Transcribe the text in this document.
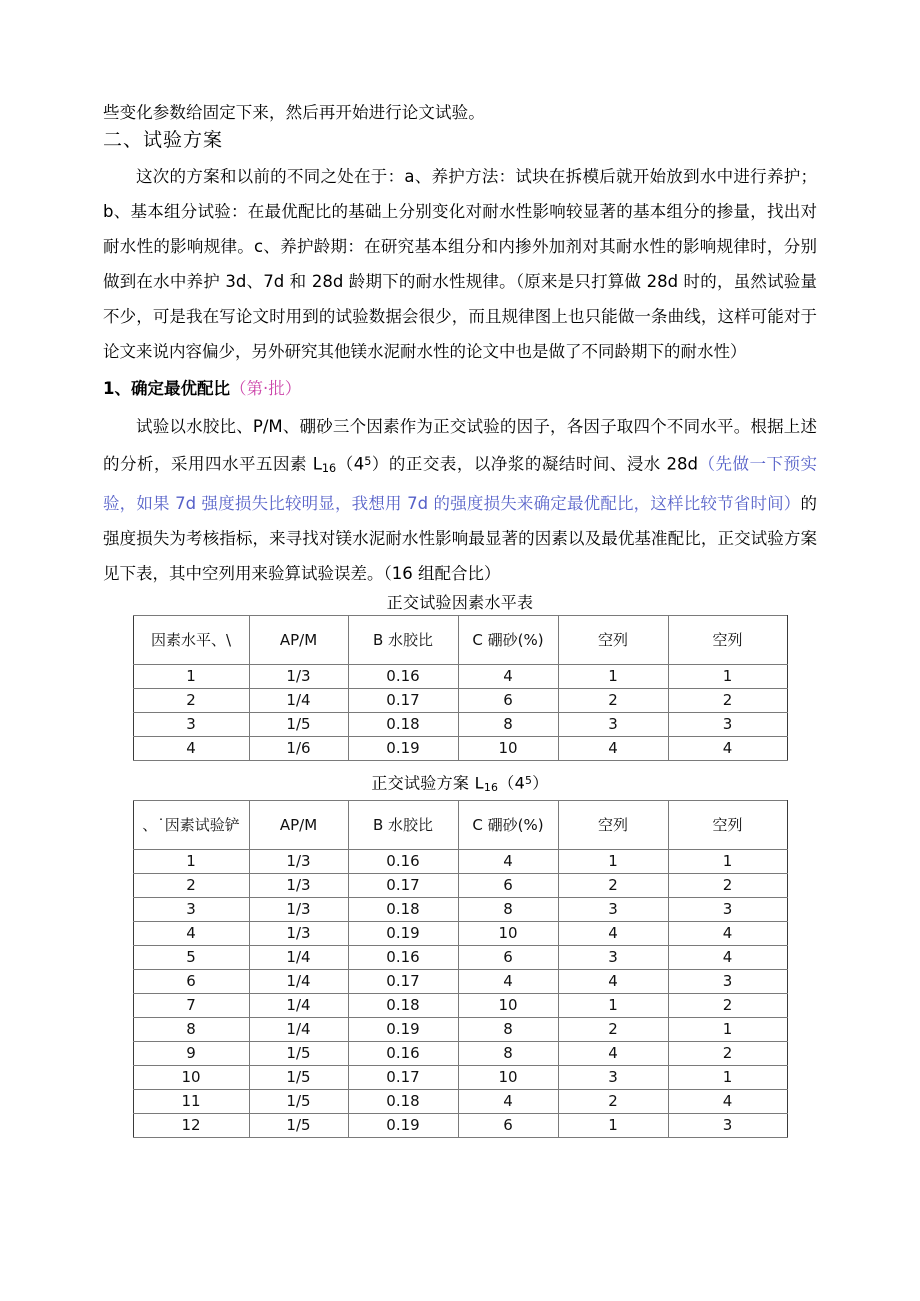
些变化参数给固定下来，然后再开始进行论文试验。
二、试验方案

这次的方案和以前的不同之处在于：a、养护方法：试块在拆模后就开始放到水中进行养护；b、基本组分试验：在最优配比的基础上分别变化对耐水性影响较显著的基本组分的掺量，找出对耐水性的影响规律。c、养护龄期：在研究基本组分和内掺外加剂对其耐水性的影响规律时，分别做到在水中养护 3d、7d 和 28d 龄期下的耐水性规律。（原来是只打算做 28d 时的，虽然试验量不少，可是我在写论文时用到的试验数据会很少，而且规律图上也只能做一条曲线，这样可能对于论文来说内容偏少，另外研究其他镁水泥耐水性的论文中也是做了不同龄期下的耐水性）

1、确定最优配比（第·批）

试验以水胶比、P/M、硼砂三个因素作为正交试验的因子，各因子取四个不同水平。根据上述的分析，采用四水平五因素 $L_{16}(4^5)$的正交表，以净浆的凝结时间、浸水 28d（先做一下预实验，如果 7d 强度损失比较明显，我想用 7d 的强度损失来确定最优配比，这样比较节省时间）的强度损失为考核指标，来寻找对镁水泥耐水性影响最显著的因素以及最优基准配比，正交试验方案见下表，其中空列用来验算试验误差。（16 组配合比）

正交试验因素水平表
因素水平、\	AP/M	B 水胶比	C 硼砂(%)	空列	空列
1	1/3	0.16	4	1	1
2	1/4	0.17	6	2	2
3	1/5	0.18	8	3	3
4	1/6	0.19	10	4	4
正交试验方案 $L_{16}(4^5)$
、˙因素试验铲	AP/M	B 水胶比	C 硼砂(%)	空列	空列
1	1/3	0.16	4	1	1
2	1/3	0.17	6	2	2
3	1/3	0.18	8	3	3
4	1/3	0.19	10	4	4
5	1/4	0.16	6	3	4
6	1/4	0.17	4	4	3
7	1/4	0.18	10	1	2
8	1/4	0.19	8	2	1
9	1/5	0.16	8	4	2
10	1/5	0.17	10	3	1
11	1/5	0.18	4	2	4
12	1/5	0.19	6	1	3
